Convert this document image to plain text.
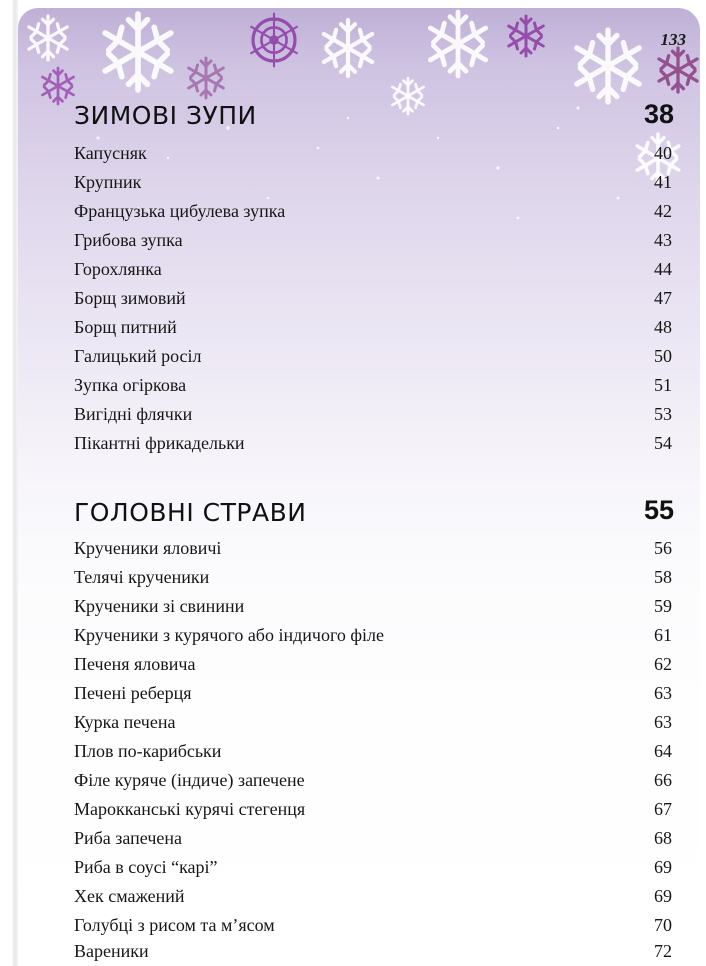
133
ЗИМОВІ ЗУПИ	38
Капусняк	40
Крупник	41
Французька цибулева зупка	42
Грибова зупка	43
Горохлянка	44
Борщ зимовий	47
Борщ питний	48
Галицький росіл	50
Зупка огіркова	51
Вигідні флячки	53
Пікантні фрикадельки	54
ГОЛОВНІ СТРАВИ	55
Крученики яловичі	56
Телячі крученики	58
Крученики зі свинини	59
Крученики з курячого або індичого філе	61
Печеня яловича	62
Печені реберця	63
Курка печена	63
Плов по-карибськи	64
Філе куряче (індиче) запечене	66
Марокканські курячі стегенця	67
Риба запечена	68
Риба в соусі “карі”	69
Хек смажений	69
Голубці з рисом та м’ясом	70
Вареники	72
